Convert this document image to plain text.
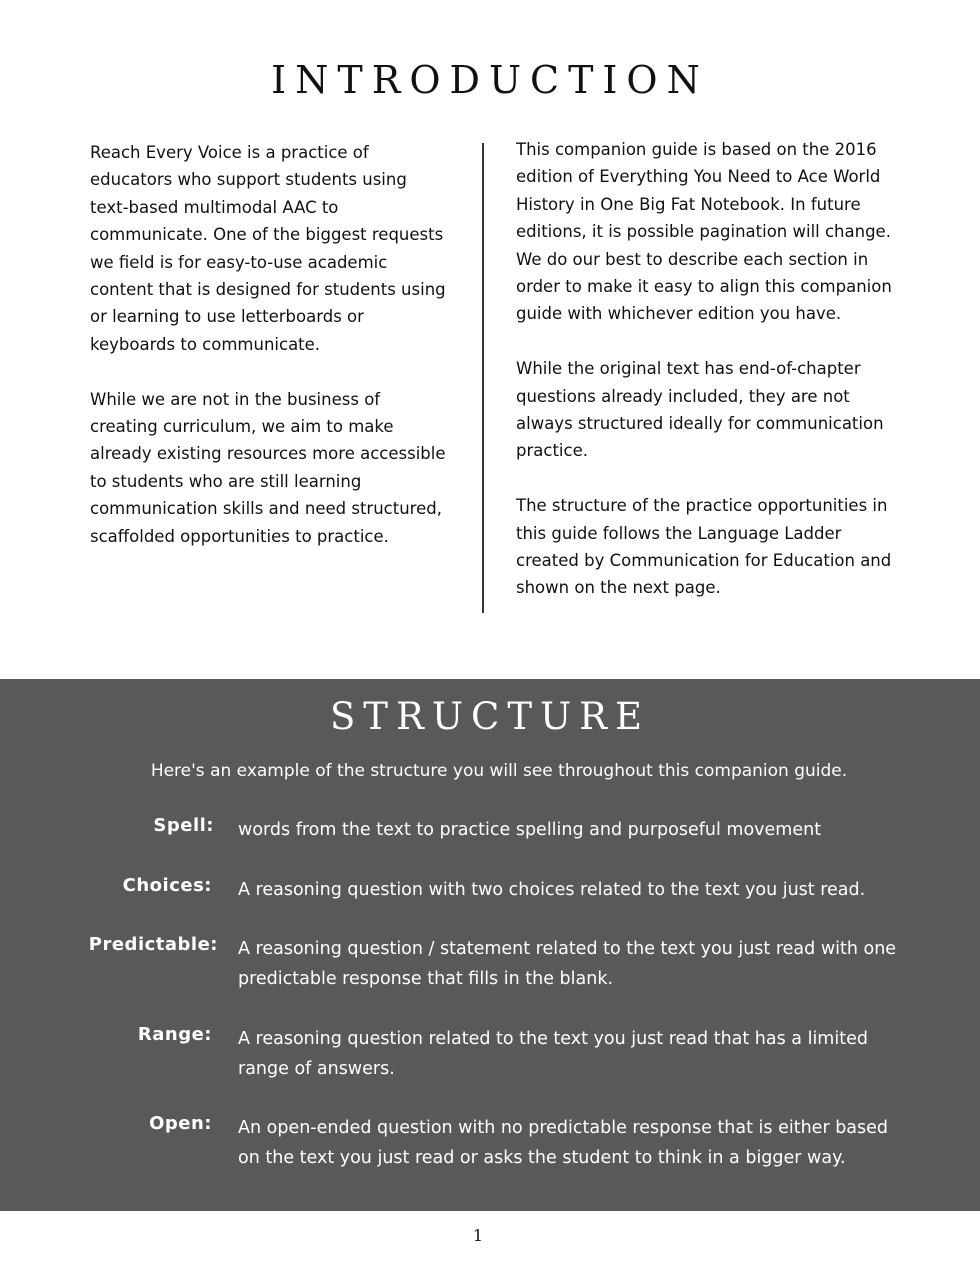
INTRODUCTION

Reach Every Voice is a practice of educators who support students using text-based multimodal AAC to communicate. One of the biggest requests we field is for easy-to-use academic content that is designed for students using or learning to use letterboards or keyboards to communicate.

While we are not in the business of creating curriculum, we aim to make already existing resources more accessible to students who are still learning communication skills and need structured, scaffolded opportunities to practice.

This companion guide is based on the 2016 edition of Everything You Need to Ace World History in One Big Fat Notebook. In future editions, it is possible pagination will change. We do our best to describe each section in order to make it easy to align this companion guide with whichever edition you have.

While the original text has end-of-chapter questions already included, they are not always structured ideally for communication practice.

The structure of the practice opportunities in this guide follows the Language Ladder created by Communication for Education and shown on the next page.

STRUCTURE
Here's an example of the structure you will see throughout this companion guide.
Spell: words from the text to practice spelling and purposeful movement
Choices: A reasoning question with two choices related to the text you just read.
Predictable: A reasoning question / statement related to the text you just read with one predictable response that fills in the blank.
Range: A reasoning question related to the text you just read that has a limited range of answers.
Open: An open-ended question with no predictable response that is either based on the text you just read or asks the student to think in a bigger way.
1
